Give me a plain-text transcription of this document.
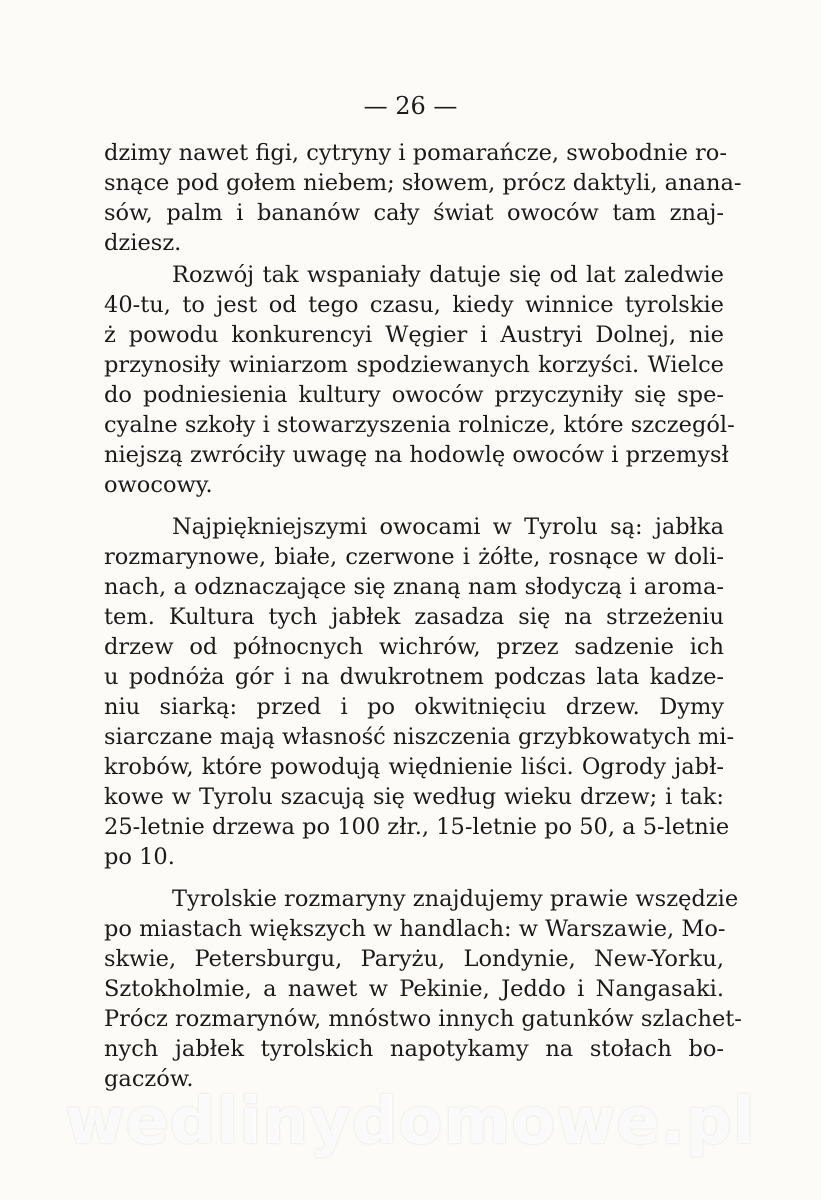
— 26 —
dzimy nawet figi, cytryny i pomarańcze, swobodnie ro-
snące pod gołem niebem; słowem, prócz daktyli, anana-
sów, palm i bananów cały świat owoców tam znaj-
dziesz.
Rozwój tak wspaniały datuje się od lat zaledwie
40-tu, to jest od tego czasu, kiedy winnice tyrolskie
ż powodu konkurencyi Węgier i Austryi Dolnej, nie
przynosiły winiarzom spodziewanych korzyści. Wielce
do podniesienia kultury owoców przyczyniły się spe-
cyalne szkoły i stowarzyszenia rolnicze, które szczegól-
niejszą zwróciły uwagę na hodowlę owoców i przemysł
owocowy.
Najpiękniejszymi owocami w Tyrolu są: jabłka
rozmarynowe, białe, czerwone i żółte, rosnące w doli-
nach, a odznaczające się znaną nam słodyczą i aroma-
tem. Kultura tych jabłek zasadza się na strzeżeniu
drzew od północnych wichrów, przez sadzenie ich
u podnóża gór i na dwukrotnem podczas lata kadze-
niu siarką: przed i po okwitnięciu drzew. Dymy
siarczane mają własność niszczenia grzybkowatych mi-
krobów, które powodują więdnienie liści. Ogrody jabł-
kowe w Tyrolu szacują się według wieku drzew; i tak:
25-letnie drzewa po 100 złr., 15-letnie po 50, a 5-letnie
po 10.
Tyrolskie rozmaryny znajdujemy prawie wszędzie
po miastach większych w handlach: w Warszawie, Mo-
skwie, Petersburgu, Paryżu, Londynie, New-Yorku,
Sztokholmie, a nawet w Pekinie, Jeddo i Nangasaki.
Prócz rozmarynów, mnóstwo innych gatunków szlachet-
nych jabłek tyrolskich napotykamy na stołach bo-
gaczów.
wedlinydomowe.pl
